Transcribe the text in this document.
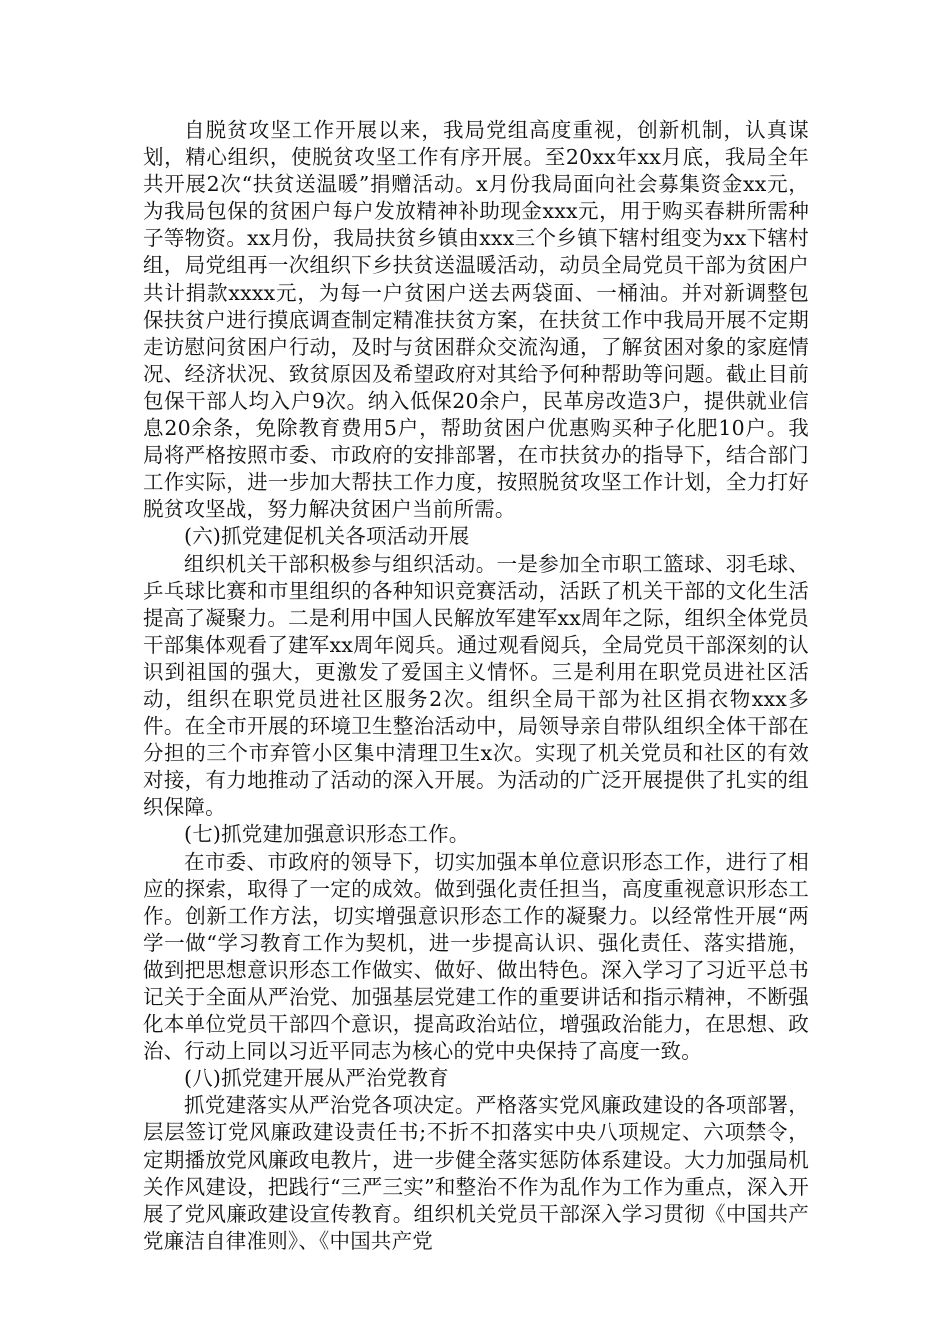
自脱贫攻坚工作开展以来，我局党组高度重视，创新机制，认真谋划，精心组织，使脱贫攻坚工作有序开展。至20xx年xx月底，我局全年共开展2次“扶贫送温暖”捐赠活动。x月份我局面向社会募集资金xx元，为我局包保的贫困户每户发放精神补助现金xxx元，用于购买春耕所需种子等物资。xx月份，我局扶贫乡镇由xxx三个乡镇下辖村组变为xx下辖村组，局党组再一次组织下乡扶贫送温暖活动，动员全局党员干部为贫困户共计捐款xxxx元，为每一户贫困户送去两袋面、一桶油。并对新调整包保扶贫户进行摸底调查制定精准扶贫方案，在扶贫工作中我局开展不定期走访慰问贫困户行动，及时与贫困群众交流沟通，了解贫困对象的家庭情况、经济状况、致贫原因及希望政府对其给予何种帮助等问题。截止目前包保干部人均入户9次。纳入低保20余户，民革房改造3户，提供就业信息20余条，免除教育费用5户，帮助贫困户优惠购买种子化肥10户。我局将严格按照市委、市政府的安排部署，在市扶贫办的指导下，结合部门工作实际，进一步加大帮扶工作力度，按照脱贫攻坚工作计划，全力打好脱贫攻坚战，努力解决贫困户当前所需。

(六)抓党建促机关各项活动开展

组织机关干部积极参与组织活动。一是参加全市职工篮球、羽毛球、乒乓球比赛和市里组织的各种知识竞赛活动，活跃了机关干部的文化生活提高了凝聚力。二是利用中国人民解放军建军xx周年之际，组织全体党员干部集体观看了建军xx周年阅兵。通过观看阅兵，全局党员干部深刻的认识到祖国的强大，更激发了爱国主义情怀。三是利用在职党员进社区活动，组织在职党员进社区服务2次。组织全局干部为社区捐衣物xxx多件。在全市开展的环境卫生整治活动中，局领导亲自带队组织全体干部在分担的三个市弃管小区集中清理卫生x次。实现了机关党员和社区的有效对接，有力地推动了活动的深入开展。为活动的广泛开展提供了扎实的组织保障。

(七)抓党建加强意识形态工作。

在市委、市政府的领导下，切实加强本单位意识形态工作，进行了相应的探索，取得了一定的成效。做到强化责任担当，高度重视意识形态工作。创新工作方法，切实增强意识形态工作的凝聚力。以经常性开展“两学一做“学习教育工作为契机，进一步提高认识、强化责任、落实措施，做到把思想意识形态工作做实、做好、做出特色。深入学习了习近平总书记关于全面从严治党、加强基层党建工作的重要讲话和指示精神，不断强化本单位党员干部四个意识，提高政治站位，增强政治能力，在思想、政治、行动上同以习近平同志为核心的党中央保持了高度一致。

(八)抓党建开展从严治党教育

抓党建落实从严治党各项决定。严格落实党风廉政建设的各项部署，层层签订党风廉政建设责任书;不折不扣落实中央八项规定、六项禁令，定期播放党风廉政电教片，进一步健全落实惩防体系建设。大力加强局机关作风建设，把践行“三严三实”和整治不作为乱作为工作为重点，深入开展了党风廉政建设宣传教育。组织机关党员干部深入学习贯彻《中国共产党廉洁自律准则》、《中国共产党
